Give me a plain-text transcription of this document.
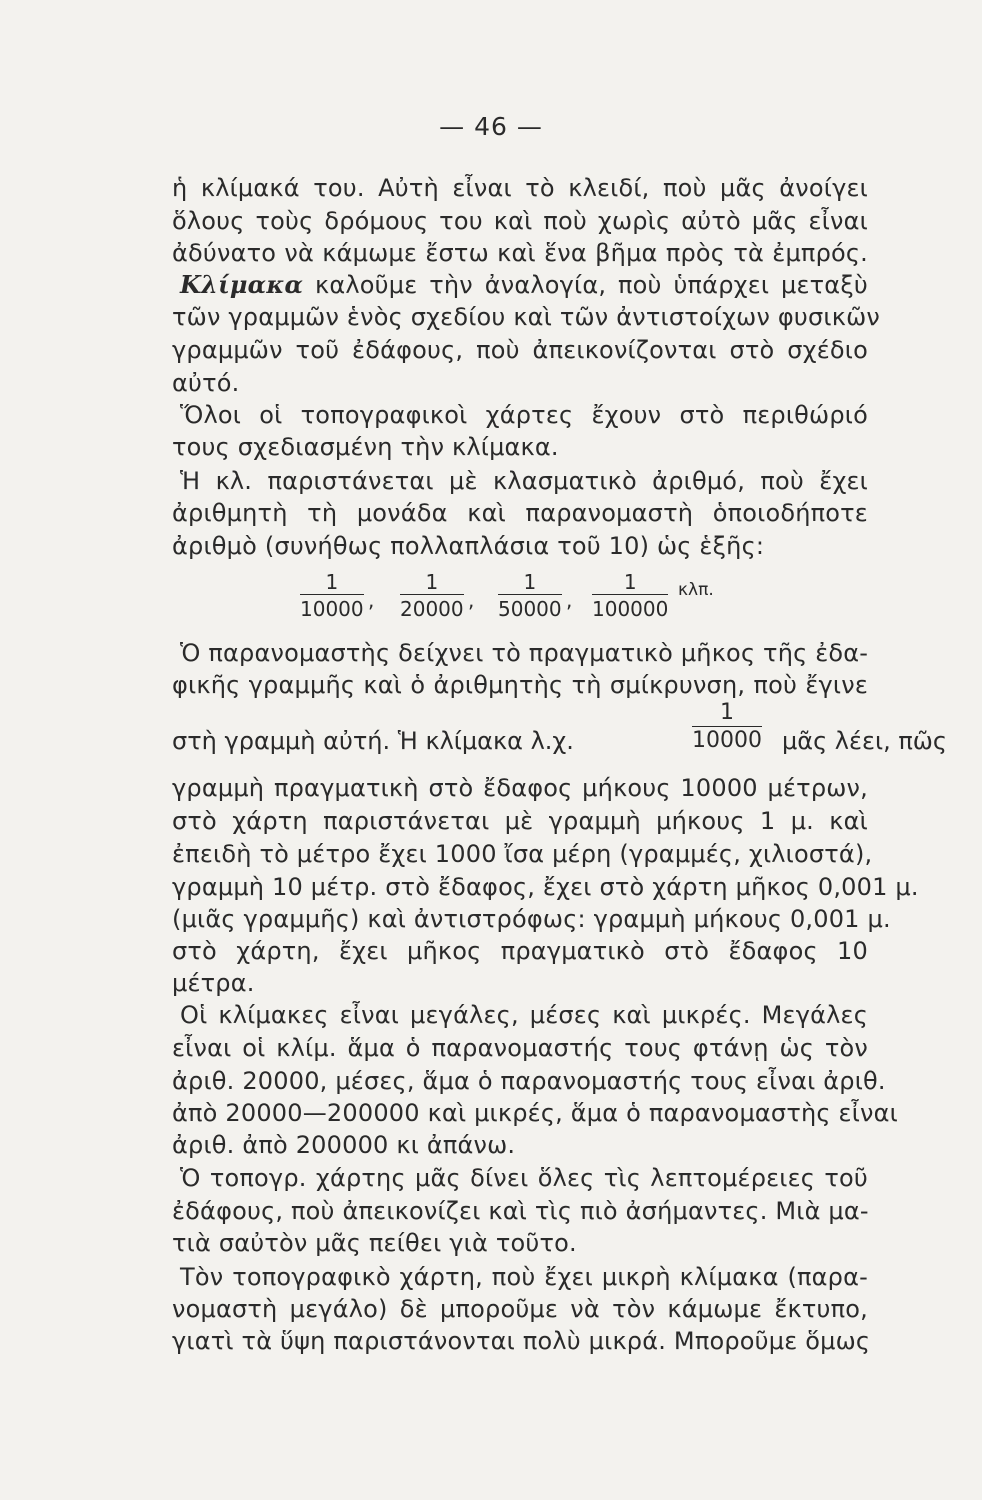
— 46 —
ἡ κλίμακά του. Αὐτὴ εἶναι τὸ κλειδί, ποὺ μᾶς ἀνοίγει
ὅλους τοὺς δρόμους του καὶ ποὺ χωρὶς αὐτὸ μᾶς εἶναι
ἀδύνατο νὰ κάμωμε ἔστω καὶ ἕνα βῆμα πρὸς τὰ ἐμπρός.
Κλίμακα καλοῦμε τὴν ἀναλογία, ποὺ ὑπάρχει μεταξὺ
τῶν γραμμῶν ἑνὸς σχεδίου καὶ τῶν ἀντιστοίχων φυσικῶν
γραμμῶν τοῦ ἐδάφους, ποὺ ἀπεικονίζονται στὸ σχέδιο
αὐτό.
Ὅλοι οἱ τοπογραφικοὶ χάρτες ἔχουν στὸ περιθώριό
τους σχεδιασμένη τὴν κλίμακα.
Ἡ κλ. παριστάνεται μὲ κλασματικὸ ἀριθμό, ποὺ ἔχει
ἀριθμητὴ τὴ μονάδα καὶ παρανομαστὴ ὁποιοδήποτε
ἀριθμὸ (συνήθως πολλαπλάσια τοῦ 10) ὡς ἑξῆς:
$\frac{1}{10000}$ , $\frac{1}{20000}$ , $\frac{1}{50000}$ , $\frac{1}{100000} \kappa\lambda\pi$.
Ὁ παρανομαστὴς δείχνει τὸ πραγματικὸ μῆκος τῆς ἐδα-
φικῆς γραμμῆς καὶ ὁ ἀριθμητὴς τὴ σμίκρυνση, ποὺ ἔγινε
στὴ γραμμὴ αὐτή. Ἡ κλίμακα λ.χ.	$\frac{1}{10000}$ μᾶς λέει, πῶς
γραμμὴ πραγματικὴ στὸ ἔδαφος μήκους 10000 μέτρων,
στὸ χάρτη παριστάνεται μὲ γραμμὴ μήκους 1 μ. καὶ
ἐπειδὴ τὸ μέτρο ἔχει 1000 ἴσα μέρη (γραμμές, χιλιοστά),
γραμμὴ 10 μέτρ. στὸ ἔδαφος, ἔχει στὸ χάρτη μῆκος 0,001 μ.
(μιᾶς γραμμῆς) καὶ ἀντιστρόφως: γραμμὴ μήκους 0,001 μ.
στὸ χάρτη, ἔχει μῆκος πραγματικὸ στὸ ἔδαφος 10
μέτρα.
Οἱ κλίμακες εἶναι μεγάλες, μέσες καὶ μικρές. Μεγάλες
εἶναι οἱ κλίμ. ἅμα ὁ παρανομαστής τους φτάνῃ ὡς τὸν
ἀριθ. 20000, μέσες, ἅμα ὁ παρανομαστής τους εἶναι ἀριθ.
ἀπὸ 20000—200000 καὶ μικρές, ἅμα ὁ παρανομαστὴς εἶναι
ἀριθ. ἀπὸ 200000 κι ἀπάνω.
Ὁ τοπογρ. χάρτης μᾶς δίνει ὅλες τὶς λεπτομέρειες τοῦ
ἐδάφους, ποὺ ἀπεικονίζει καὶ τὶς πιὸ ἀσήμαντες. Μιὰ μα-
τιὰ σαὐτὸν μᾶς πείθει γιὰ τοῦτο.
Τὸν τοπογραφικὸ χάρτη, ποὺ ἔχει μικρὴ κλίμακα (παρα-
νομαστὴ μεγάλο) δὲ μποροῦμε νὰ τὸν κάμωμε ἔκτυπο,
γιατὶ τὰ ὕψη παριστάνονται πολὺ μικρά. Μποροῦμε ὅμως
